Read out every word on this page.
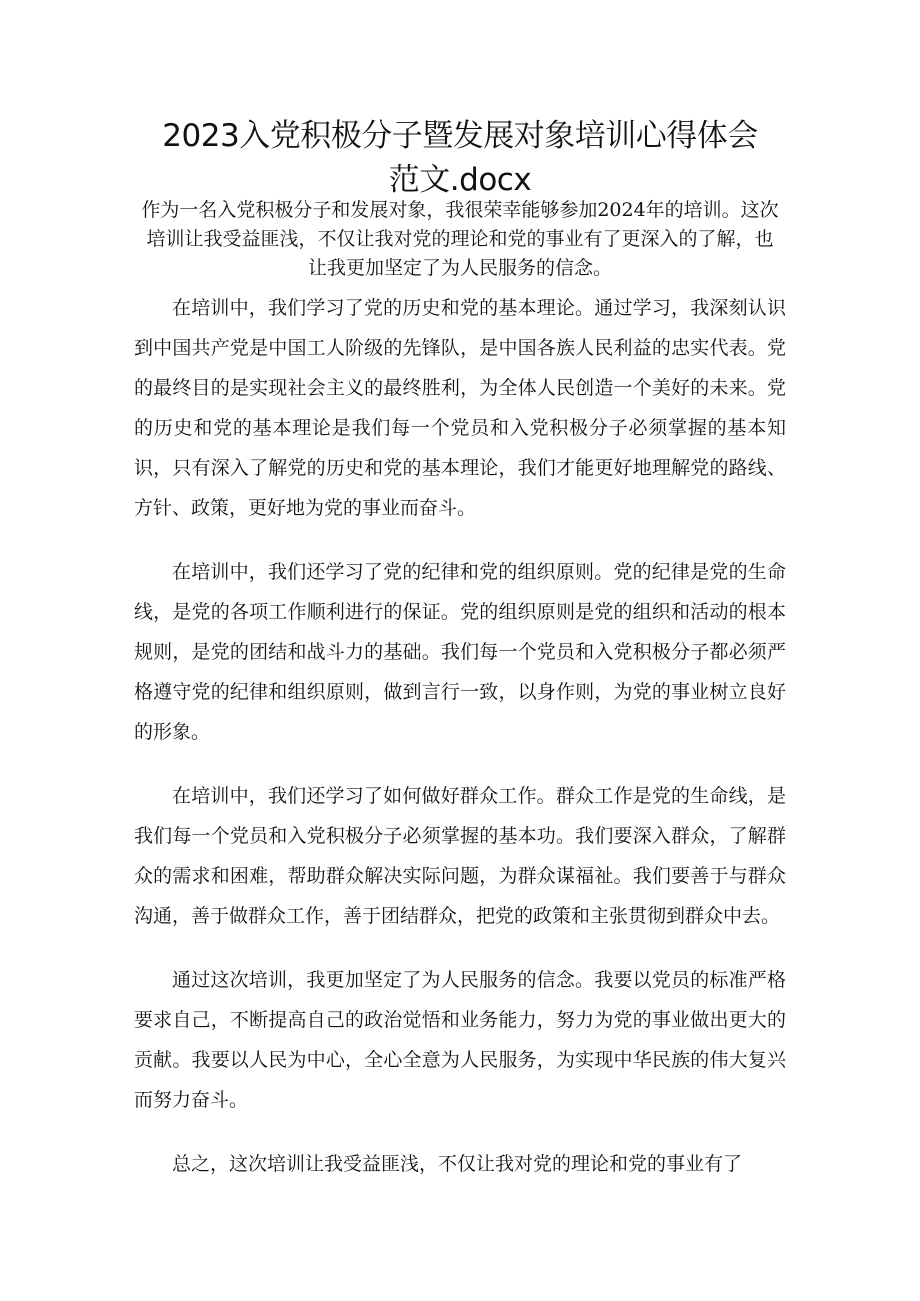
2023入党积极分子暨发展对象培训心得体会
范文.docx

作为一名入党积极分子和发展对象，我很荣幸能够参加2024年的培训。这次培训让我受益匪浅，不仅让我对党的理论和党的事业有了更深入的了解，也让我更加坚定了为人民服务的信念。

在培训中，我们学习了党的历史和党的基本理论。通过学习，我深刻认识到中国共产党是中国工人阶级的先锋队，是中国各族人民利益的忠实代表。党的最终目的是实现社会主义的最终胜利，为全体人民创造一个美好的未来。党的历史和党的基本理论是我们每一个党员和入党积极分子必须掌握的基本知识，只有深入了解党的历史和党的基本理论，我们才能更好地理解党的路线、方针、政策，更好地为党的事业而奋斗。

在培训中，我们还学习了党的纪律和党的组织原则。党的纪律是党的生命线，是党的各项工作顺利进行的保证。党的组织原则是党的组织和活动的根本规则，是党的团结和战斗力的基础。我们每一个党员和入党积极分子都必须严格遵守党的纪律和组织原则，做到言行一致，以身作则，为党的事业树立良好的形象。

在培训中，我们还学习了如何做好群众工作。群众工作是党的生命线，是我们每一个党员和入党积极分子必须掌握的基本功。我们要深入群众，了解群众的需求和困难，帮助群众解决实际问题，为群众谋福祉。我们要善于与群众沟通，善于做群众工作，善于团结群众，把党的政策和主张贯彻到群众中去。

通过这次培训，我更加坚定了为人民服务的信念。我要以党员的标准严格要求自己，不断提高自己的政治觉悟和业务能力，努力为党的事业做出更大的贡献。我要以人民为中心，全心全意为人民服务，为实现中华民族的伟大复兴而努力奋斗。

总之，这次培训让我受益匪浅，不仅让我对党的理论和党的事业有了
